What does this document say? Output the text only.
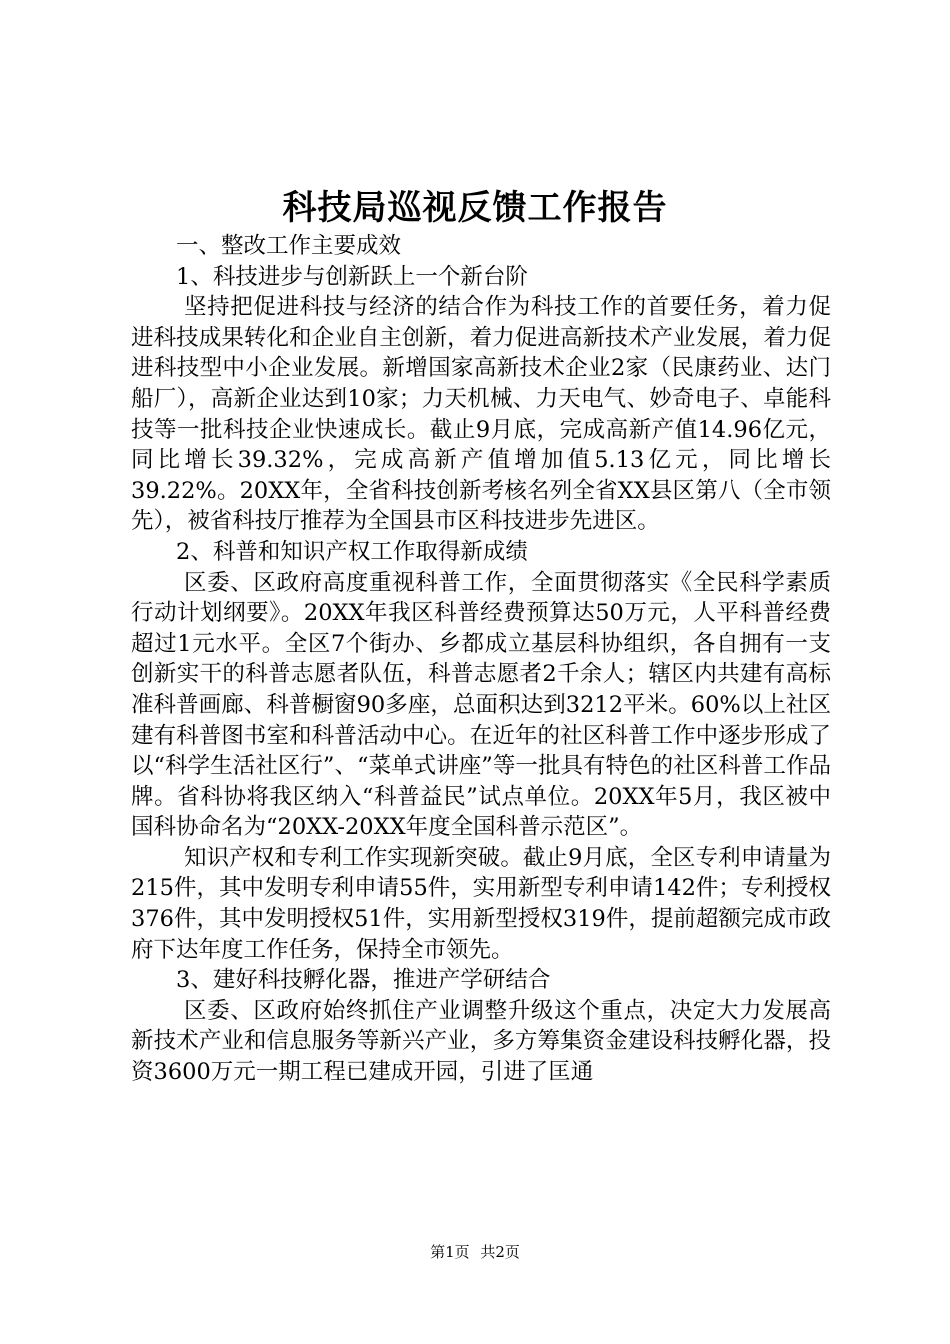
科技局巡视反馈工作报告

一、整改工作主要成效

1、科技进步与创新跃上一个新台阶

坚持把促进科技与经济的结合作为科技工作的首要任务，着力促进科技成果转化和企业自主创新，着力促进高新技术产业发展，着力促进科技型中小企业发展。新增国家高新技术企业2家（民康药业、达门船厂），高新企业达到10家；力天机械、力天电气、妙奇电子、卓能科技等一批科技企业快速成长。截止9月底，完成高新产值14.96亿元，同比增长39.32%，完成高新产值增加值5.13亿元，同比增长39.22%。20XX年，全省科技创新考核名列全省XX县区第八（全市领先），被省科技厅推荐为全国县市区科技进步先进区。

2、科普和知识产权工作取得新成绩

区委、区政府高度重视科普工作，全面贯彻落实《全民科学素质行动计划纲要》。20XX年我区科普经费预算达50万元，人平科普经费超过1元水平。全区7个街办、乡都成立基层科协组织，各自拥有一支创新实干的科普志愿者队伍，科普志愿者2千余人；辖区内共建有高标准科普画廊、科普橱窗90多座，总面积达到3212平米。60%以上社区建有科普图书室和科普活动中心。在近年的社区科普工作中逐步形成了以“科学生活社区行”、“菜单式讲座”等一批具有特色的社区科普工作品牌。省科协将我区纳入“科普益民”试点单位。20XX年5月，我区被中国科协命名为“20XX-20XX年度全国科普示范区”。

知识产权和专利工作实现新突破。截止9月底，全区专利申请量为215件，其中发明专利申请55件，实用新型专利申请142件；专利授权376件，其中发明授权51件，实用新型授权319件，提前超额完成市政府下达年度工作任务，保持全市领先。

3、建好科技孵化器，推进产学研结合

区委、区政府始终抓住产业调整升级这个重点，决定大力发展高新技术产业和信息服务等新兴产业，多方筹集资金建设科技孵化器，投资3600万元一期工程已建成开园，引进了匡通

第1页 共2页
